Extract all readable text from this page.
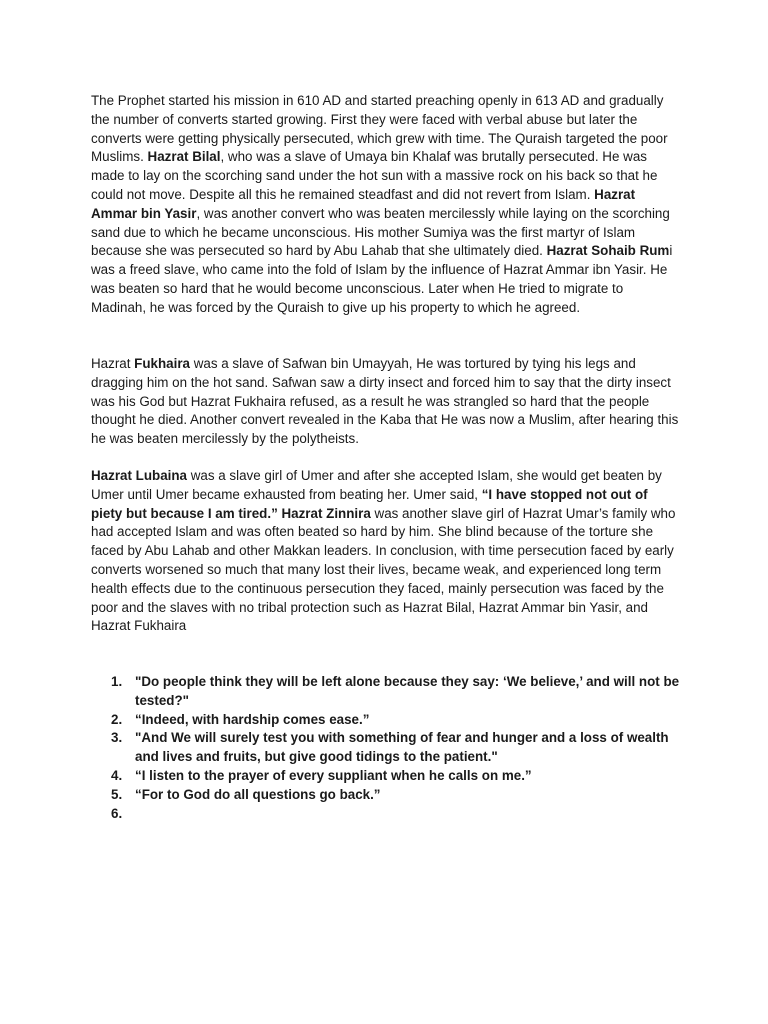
The Prophet started his mission in 610 AD and started preaching openly in 613 AD and gradually the number of converts started growing. First they were faced with verbal abuse but later the converts were getting physically persecuted, which grew with time. The Quraish targeted the poor Muslims. Hazrat Bilal, who was a slave of Umaya bin Khalaf was brutally persecuted. He was made to lay on the scorching sand under the hot sun with a massive rock on his back so that he could not move. Despite all this he remained steadfast and did not revert from Islam. Hazrat Ammar bin Yasir, was another convert who was beaten mercilessly while laying on the scorching sand due to which he became unconscious. His mother Sumiya was the first martyr of Islam because she was persecuted so hard by Abu Lahab that she ultimately died. Hazrat Sohaib Rumi was a freed slave, who came into the fold of Islam by the influence of Hazrat Ammar ibn Yasir. He was beaten so hard that he would become unconscious. Later when He tried to migrate to Madinah, he was forced by the Quraish to give up his property to which he agreed.

Hazrat Fukhaira was a slave of Safwan bin Umayyah, He was tortured by tying his legs and dragging him on the hot sand. Safwan saw a dirty insect and forced him to say that the dirty insect was his God but Hazrat Fukhaira refused, as a result he was strangled so hard that the people thought he died. Another convert revealed in the Kaba that He was now a Muslim, after hearing this he was beaten mercilessly by the polytheists.

Hazrat Lubaina was a slave girl of Umer and after she accepted Islam, she would get beaten by Umer until Umer became exhausted from beating her. Umer said, “I have stopped not out of piety but because I am tired.” Hazrat Zinnira was another slave girl of Hazrat Umar’s family who had accepted Islam and was often beated so hard by him. She blind because of the torture she faced by Abu Lahab and other Makkan leaders. In conclusion, with time persecution faced by early converts worsened so much that many lost their lives, became weak, and experienced long term health effects due to the continuous persecution they faced, mainly persecution was faced by the poor and the slaves with no tribal protection such as Hazrat Bilal, Hazrat Ammar bin Yasir, and Hazrat Fukhaira

1. "Do people think they will be left alone because they say: ‘We believe,’ and will not be tested?"
2. “Indeed, with hardship comes ease.”
3. "And We will surely test you with something of fear and hunger and a loss of wealth and lives and fruits, but give good tidings to the patient."
4. “I listen to the prayer of every suppliant when he calls on me.”
5. “For to God do all questions go back.”
6.
